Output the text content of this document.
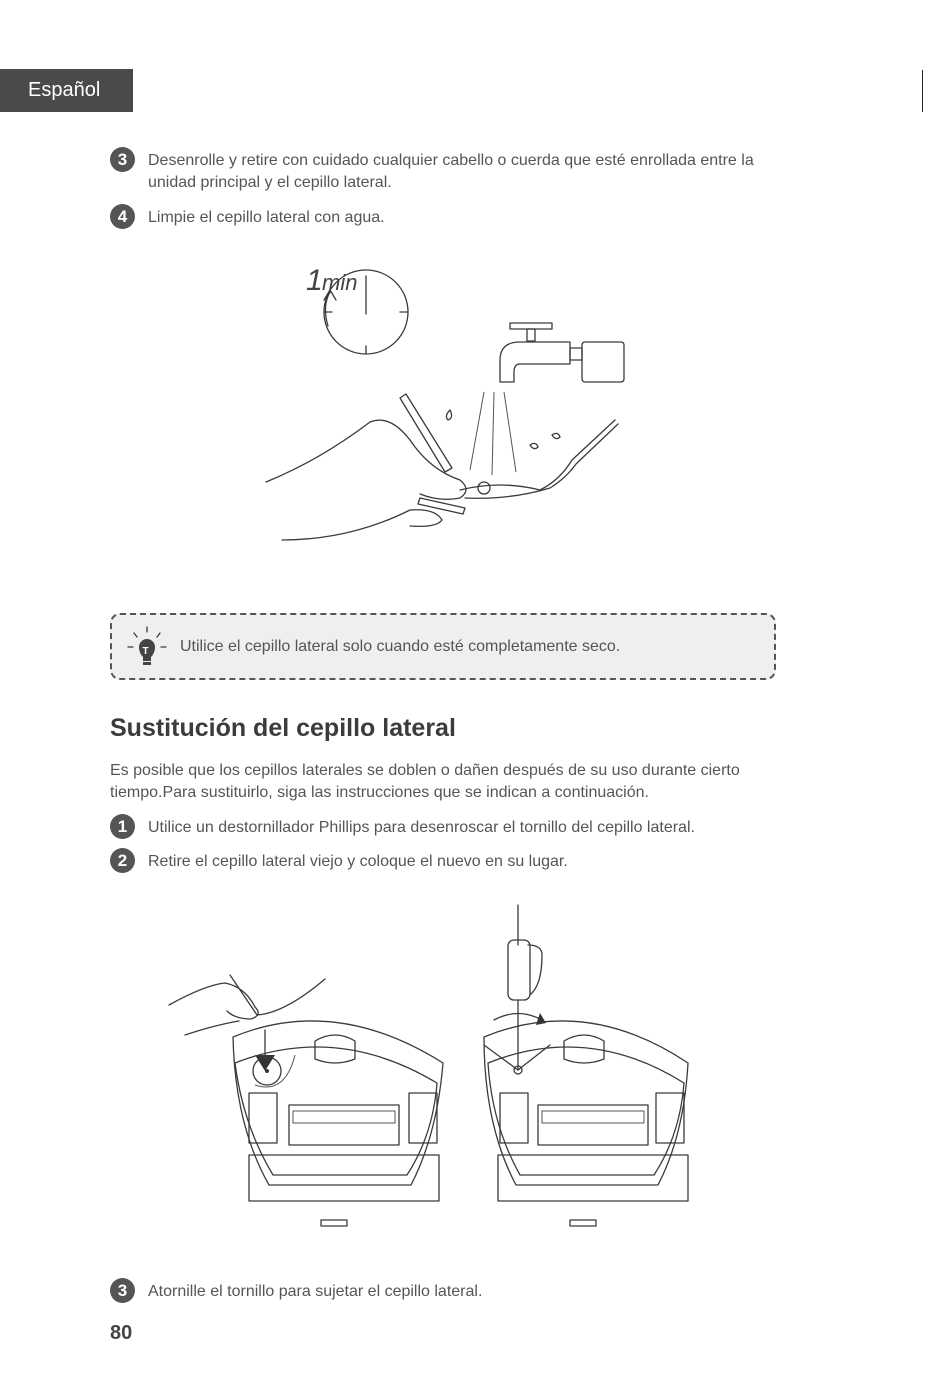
Español
3	Desenrolle y retire con cuidado cualquier cabello o cuerda que esté enrollada entre la unidad principal y el cepillo lateral.
4	Limpie el cepillo lateral con agua.
1 min
T Utilice el cepillo lateral solo cuando esté completamente seco.
Sustitución del cepillo lateral
Es posible que los cepillos laterales se doblen o dañen después de su uso durante cierto tiempo.Para sustituirlo, siga las instrucciones que se indican a continuación.
1	Utilice un destornillador Phillips para desenroscar el tornillo del cepillo lateral.
2	Retire el cepillo lateral viejo y coloque el nuevo en su lugar.
3	Atornille el tornillo para sujetar el cepillo lateral.
80
